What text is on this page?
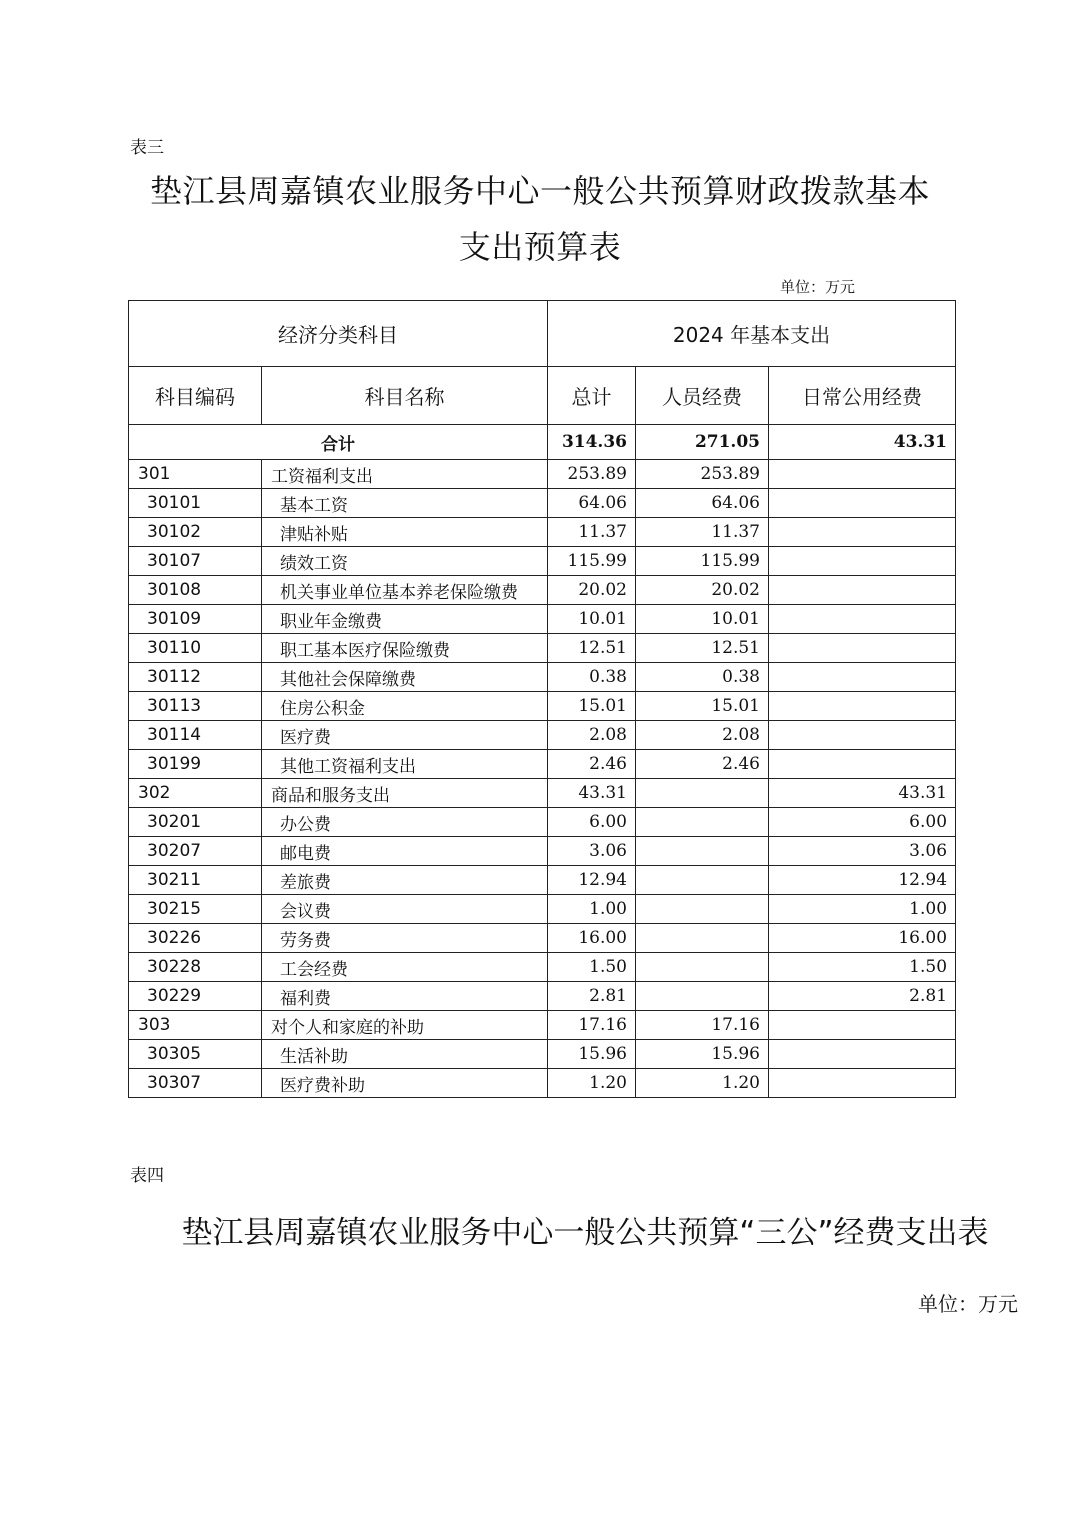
表三
垫江县周嘉镇农业服务中心一般公共预算财政拨款基本
支出预算表
单位：万元
经济分类科目		2024 年基本支出		
科目编码	科目名称	总计	人员经费	日常公用经费
合计		314.36	271.05	43.31
301	工资福利支出	253.89	253.89	
30101	基本工资	64.06	64.06	
30102	津贴补贴	11.37	11.37	
30107	绩效工资	115.99	115.99	
30108	机关事业单位基本养老保险缴费	20.02	20.02	
30109	职业年金缴费	10.01	10.01	
30110	职工基本医疗保险缴费	12.51	12.51	
30112	其他社会保障缴费	0.38	0.38	
30113	住房公积金	15.01	15.01	
30114	医疗费	2.08	2.08	
30199	其他工资福利支出	2.46	2.46	
302	商品和服务支出	43.31		43.31
30201	办公费	6.00		6.00
30207	邮电费	3.06		3.06
30211	差旅费	12.94		12.94
30215	会议费	1.00		1.00
30226	劳务费	16.00		16.00
30228	工会经费	1.50		1.50
30229	福利费	2.81		2.81
303	对个人和家庭的补助	17.16	17.16	
30305	生活补助	15.96	15.96	
30307	医疗费补助	1.20	1.20	
表四
垫江县周嘉镇农业服务中心一般公共预算“三公”经费支出表
单位：万元
